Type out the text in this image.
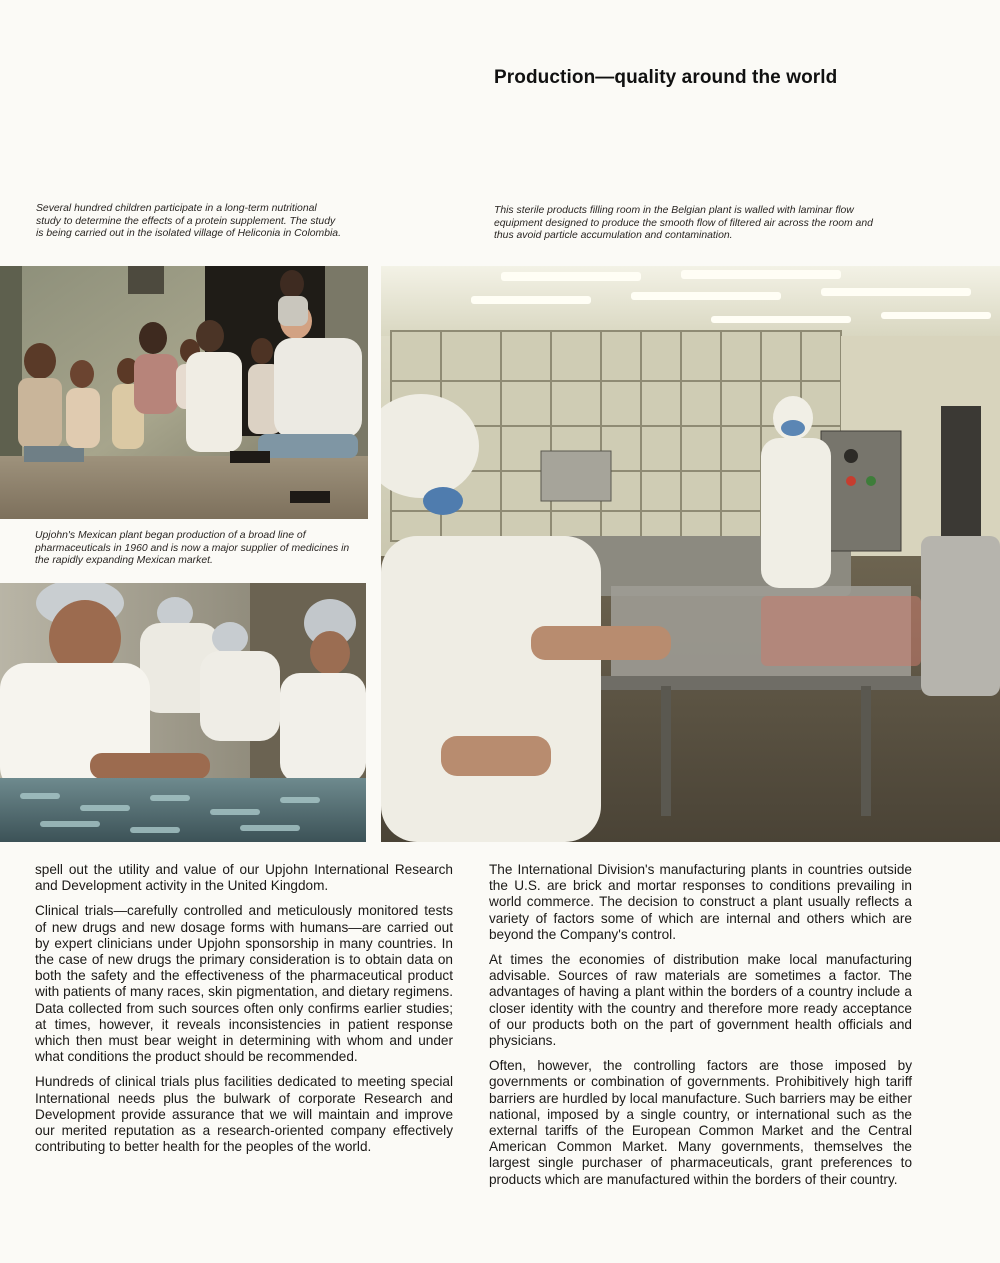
Production—quality around the world
Several hundred children participate in a long-term nutritional study to determine the effects of a protein supplement. The study is being carried out in the isolated village of Heliconia in Colombia.
This sterile products filling room in the Belgian plant is walled with laminar flow equipment designed to produce the smooth flow of filtered air across the room and thus avoid particle accumulation and contamination.
Upjohn's Mexican plant began production of a broad line of pharmaceuticals in 1960 and is now a major supplier of medicines in the rapidly expanding Mexican market.

spell out the utility and value of our Upjohn International Research and Development activity in the United Kingdom.

Clinical trials—carefully controlled and meticulously monitored tests of new drugs and new dosage forms with humans—are carried out by expert clinicians under Upjohn sponsorship in many countries. In the case of new drugs the primary consideration is to obtain data on both the safety and the effectiveness of the pharmaceutical product with patients of many races, skin pigmentation, and dietary regimens. Data collected from such sources often only confirms earlier studies; at times, however, it reveals inconsistencies in patient response which then must bear weight in determining with whom and under what conditions the product should be recommended.

Hundreds of clinical trials plus facilities dedicated to meeting special International needs plus the bulwark of corporate Research and Development provide assurance that we will maintain and improve our merited reputation as a research-oriented company effectively contributing to better health for the peoples of the world.

The International Division's manufacturing plants in countries outside the U.S. are brick and mortar responses to conditions prevailing in world commerce. The decision to construct a plant usually reflects a variety of factors some of which are internal and others which are beyond the Company's control.

At times the economies of distribution make local manufacturing advisable. Sources of raw materials are sometimes a factor. The advantages of having a plant within the borders of a country include a closer identity with the country and therefore more ready acceptance of our products both on the part of government health officials and physicians.

Often, however, the controlling factors are those imposed by governments or combination of governments. Prohibitively high tariff barriers are hurdled by local manufacture. Such barriers may be either national, imposed by a single country, or international such as the external tariffs of the European Common Market and the Central American Common Market. Many governments, themselves the largest single purchaser of pharmaceuticals, grant preferences to products which are manufactured within the borders of their country.
